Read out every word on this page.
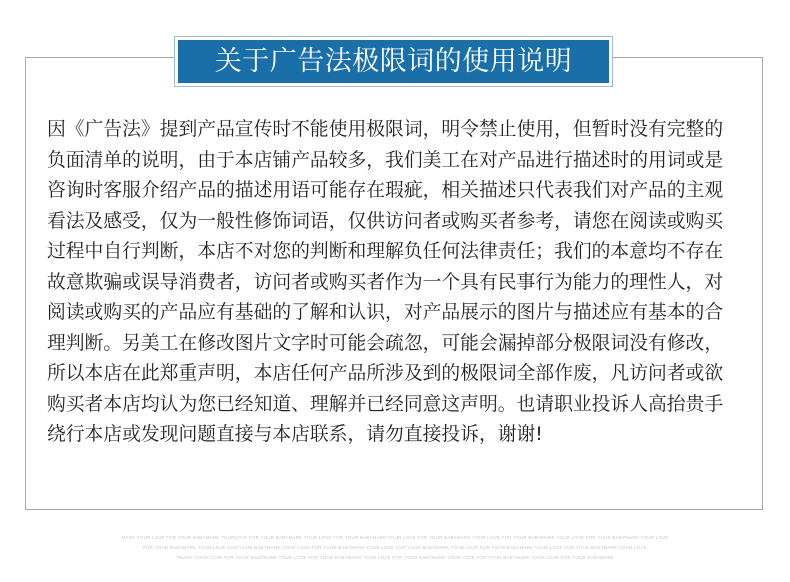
关于广告法极限词的使用说明
因《广告法》提到产品宣传时不能使用极限词，明令禁止使用，但暂时没有完整的
负面清单的说明，由于本店铺产品较多，我们美工在对产品进行描述时的用词或是
咨询时客服介绍产品的描述用语可能存在瑕疵，相关描述只代表我们对产品的主观
看法及感受，仅为一般性修饰词语，仅供访问者或购买者参考，请您在阅读或购买
过程中自行判断，本店不对您的判断和理解负任何法律责任；我们的本意均不存在
故意欺骗或误导消费者，访问者或购买者作为一个具有民事行为能力的理性人，对
阅读或购买的产品应有基础的了解和认识，对产品展示的图片与描述应有基本的合
理判断。另美工在修改图片文字时可能会疏忽，可能会漏掉部分极限词没有修改，
所以本店在此郑重声明，本店任何产品所涉及到的极限词全部作废，凡访问者或欲
购买者本店均认为您已经知道、理解并已经同意这声明。也请职业投诉人高抬贵手
绕行本店或发现问题直接与本店联系，请勿直接投诉，谢谢!
MARK YOUR LOVE FOR YOUR BABYMARK YOURLOVE FOR YOUR BABYMARK YOUR LOVE FOR YOUR BABYMARK YOUR LOVE FOR YOUR BABYMARK YOUR LOVE FOR YOUR BABYMARK YOUR LOVE FOR YOUR BABYMARK YOUR LOVE
FOR YOUR BABYMARK YOUR LOVE FOR YOUR BABYMARK YOUR LOVE FOR YOUR BABYMARK YOUR LOVE FOR YOUR BABYMARK YOUR LOVE FOR YOUR BABYMARK YOUR LOVE FOR YOUR BABYMARK YOUR LOVE
YMARK YOUR LOVE FOR YOUR BABYMARK YOUR LOVE FOR YOUR BABYMARK YOUR LOVE FOR YOUR BABYMARK YOUR LOVE FOR YOUR BABYMARK YOUR LOVE FOR YOUR BABYMARK
